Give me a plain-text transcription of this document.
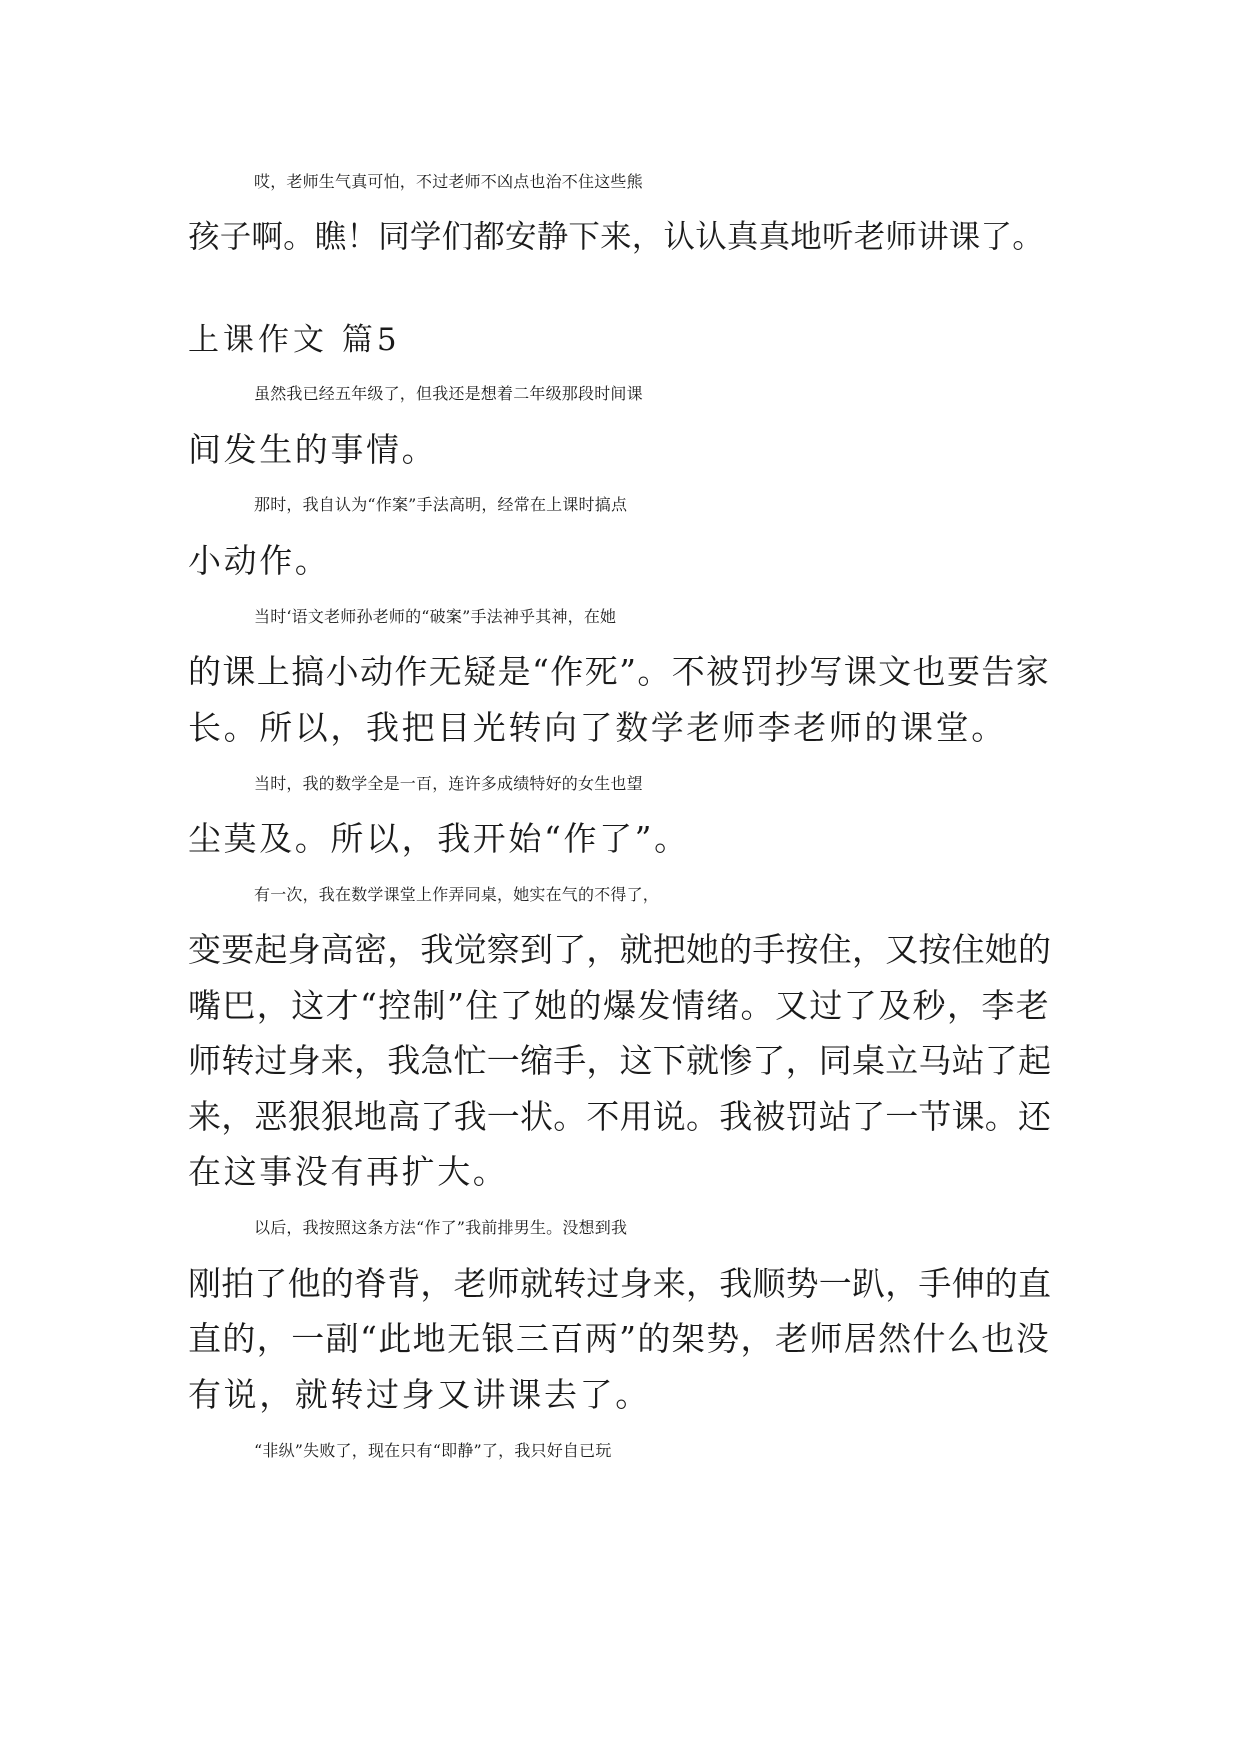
哎，老师生气真可怕，不过老师不凶点也治不住这些熊
孩子啊。瞧！同学们都安静下来，认认真真地听老师讲课了。
上课作文 篇5
虽然我已经五年级了，但我还是想着二年级那段时间课
间发生的事情。
那时，我自认为“作案”手法高明，经常在上课时搞点
小动作。
当时‘语文老师孙老师的“破案”手法神乎其神，在她
的课上搞小动作无疑是“作死”。不被罚抄写课文也要告家
长。所以，我把目光转向了数学老师李老师的课堂。
当时，我的数学全是一百，连许多成绩特好的女生也望
尘莫及。所以，我开始“作了”。
有一次，我在数学课堂上作弄同桌，她实在气的不得了，
变要起身高密，我觉察到了，就把她的手按住，又按住她的
嘴巴，这才“控制”住了她的爆发情绪。又过了及秒，李老
师转过身来，我急忙一缩手，这下就惨了，同桌立马站了起
来，恶狠狠地高了我一状。不用说。我被罚站了一节课。还
在这事没有再扩大。
以后，我按照这条方法“作了”我前排男生。没想到我
刚拍了他的脊背，老师就转过身来，我顺势一趴，手伸的直
直的，一副“此地无银三百两”的架势，老师居然什么也没
有说，就转过身又讲课去了。
“非纵”失败了，现在只有“即静”了，我只好自已玩
